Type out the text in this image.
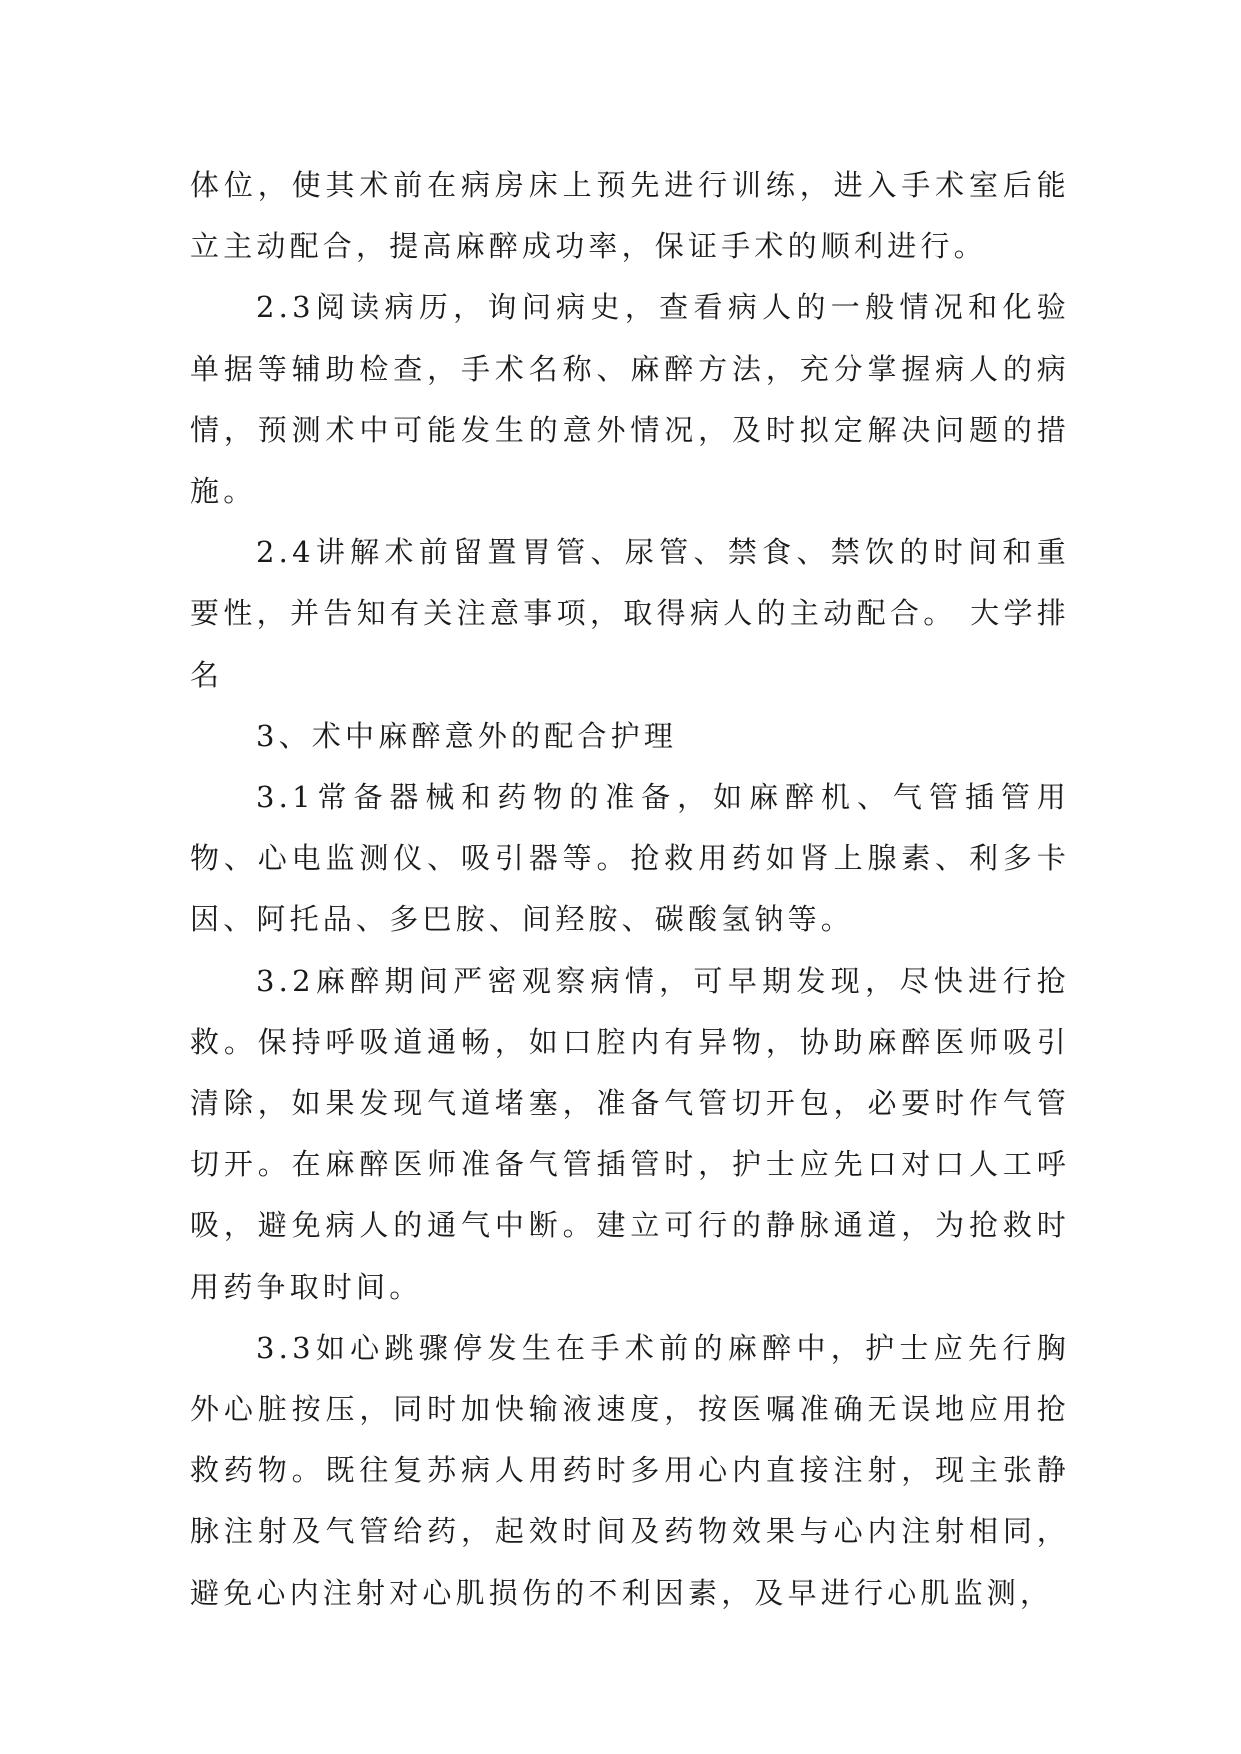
体位，使其术前在病房床上预先进行训练，进入手术室后能立主动配合，提高麻醉成功率，保证手术的顺利进行。

2.3阅读病历，询问病史，查看病人的一般情况和化验单据等辅助检查，手术名称、麻醉方法，充分掌握病人的病情，预测术中可能发生的意外情况，及时拟定解决问题的措施。

2.4讲解术前留置胃管、尿管、禁食、禁饮的时间和重要性，并告知有关注意事项，取得病人的主动配合。 大学排名

3、术中麻醉意外的配合护理

3.1常备器械和药物的准备，如麻醉机、气管插管用物、心电监测仪、吸引器等。抢救用药如肾上腺素、利多卡因、阿托品、多巴胺、间羟胺、碳酸氢钠等。

3.2麻醉期间严密观察病情，可早期发现，尽快进行抢救。保持呼吸道通畅，如口腔内有异物，协助麻醉医师吸引清除，如果发现气道堵塞，准备气管切开包，必要时作气管切开。在麻醉医师准备气管插管时，护士应先口对口人工呼吸，避免病人的通气中断。建立可行的静脉通道，为抢救时用药争取时间。

3.3如心跳骤停发生在手术前的麻醉中，护士应先行胸外心脏按压，同时加快输液速度，按医嘱准确无误地应用抢救药物。既往复苏病人用药时多用心内直接注射，现主张静脉注射及气管给药，起效时间及药物效果与心内注射相同，避免心内注射对心肌损伤的不利因素，及早进行心肌监测，
